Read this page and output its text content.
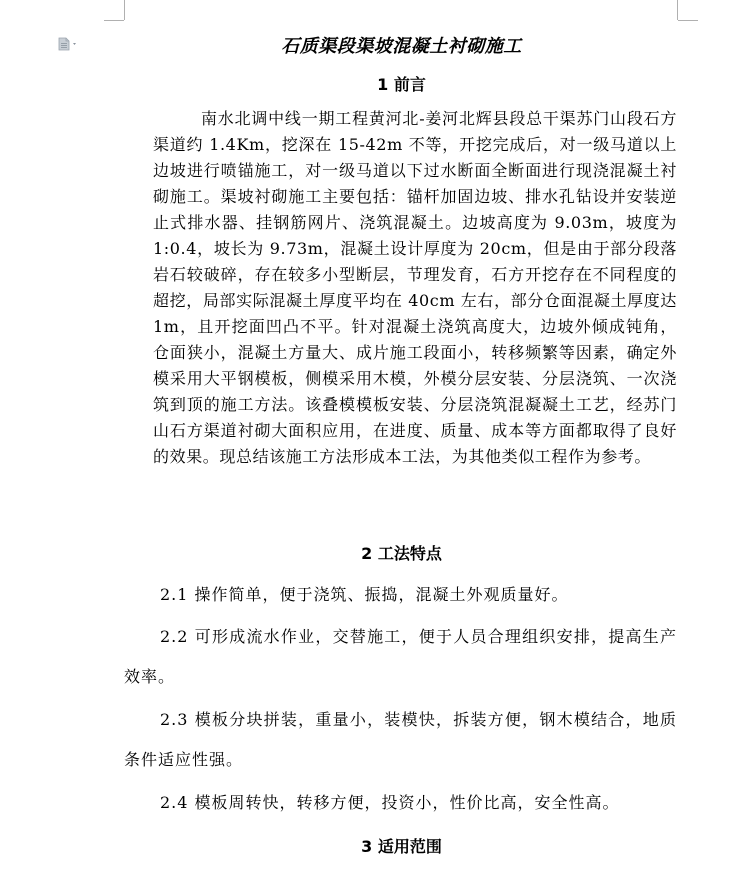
石质渠段渠坡混凝土衬砌施工
1 前言

南水北调中线一期工程黄河北-姜河北辉县段总干渠苏门山段石方渠道约 1.4Km，挖深在 15-42m 不等，开挖完成后，对一级马道以上边坡进行喷锚施工，对一级马道以下过水断面全断面进行现浇混凝土衬砌施工。渠坡衬砌施工主要包括：锚杆加固边坡、排水孔钻设并安装逆止式排水器、挂钢筋网片、浇筑混凝土。边坡高度为 9.03m，坡度为 1:0.4，坡长为 9.73m，混凝土设计厚度为 20cm，但是由于部分段落岩石较破碎，存在较多小型断层，节理发育，石方开挖存在不同程度的超挖，局部实际混凝土厚度平均在 40cm 左右，部分仓面混凝土厚度达 1m，且开挖面凹凸不平。针对混凝土浇筑高度大，边坡外倾成钝角，仓面狭小，混凝土方量大、成片施工段面小，转移频繁等因素，确定外模采用大平钢模板，侧模采用木模，外模分层安装、分层浇筑、一次浇筑到顶的施工方法。该叠模模板安装、分层浇筑混凝凝土工艺，经苏门山石方渠道衬砌大面积应用，在进度、质量、成本等方面都取得了良好的效果。现总结该施工方法形成本工法，为其他类似工程作为参考。

2 工法特点

2.1 操作简单，便于浇筑、振捣，混凝土外观质量好。

2.2 可形成流水作业，交替施工，便于人员合理组织安排，提高生产效率。

2.3 模板分块拼装，重量小，装模快，拆装方便，钢木模结合，地质条件适应性强。

2.4 模板周转快，转移方便，投资小，性价比高，安全性高。

3 适用范围
